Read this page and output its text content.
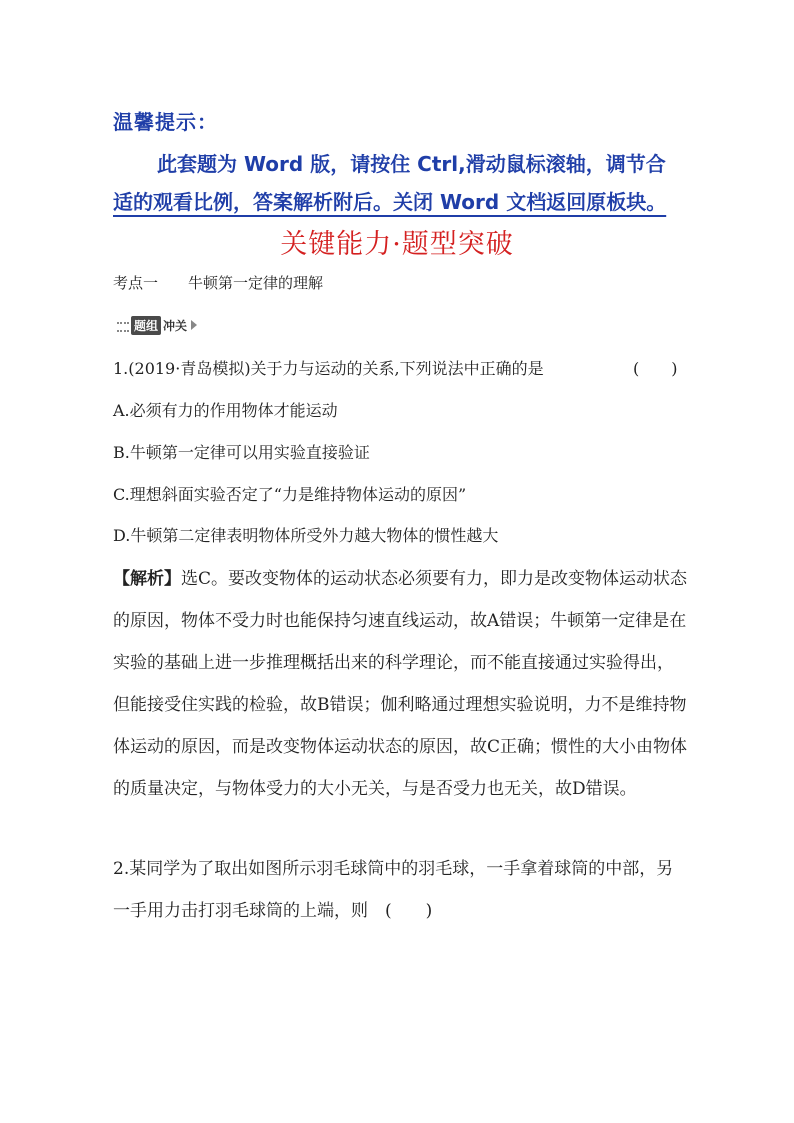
温馨提示：
此套题为 Word 版，请按住 Ctrl,滑动鼠标滚轴，调节合
适的观看比例，答案解析附后。关闭 Word 文档返回原板块。
关键能力·题型突破
考点一 牛顿第一定律的理解
题组 冲关
1.(2019·青岛模拟)关于力与运动的关系,下列说法中正确的是	(　　)
A.必须有力的作用物体才能运动
B.牛顿第一定律可以用实验直接验证
C.理想斜面实验否定了“力是维持物体运动的原因”
D.牛顿第二定律表明物体所受外力越大物体的惯性越大
【解析】选C。要改变物体的运动状态必须要有力，即力是改变物体运动状态的原因，物体不受力时也能保持匀速直线运动，故A错误；牛顿第一定律是在实验的基础上进一步推理概括出来的科学理论，而不能直接通过实验得出，但能接受住实践的检验，故B错误；伽利略通过理想实验说明，力不是维持物体运动的原因，而是改变物体运动状态的原因，故C正确；惯性的大小由物体的质量决定，与物体受力的大小无关，与是否受力也无关，故D错误。
2.某同学为了取出如图所示羽毛球筒中的羽毛球，一手拿着球筒的中部，另一手用力击打羽毛球筒的上端，则　(　　)
